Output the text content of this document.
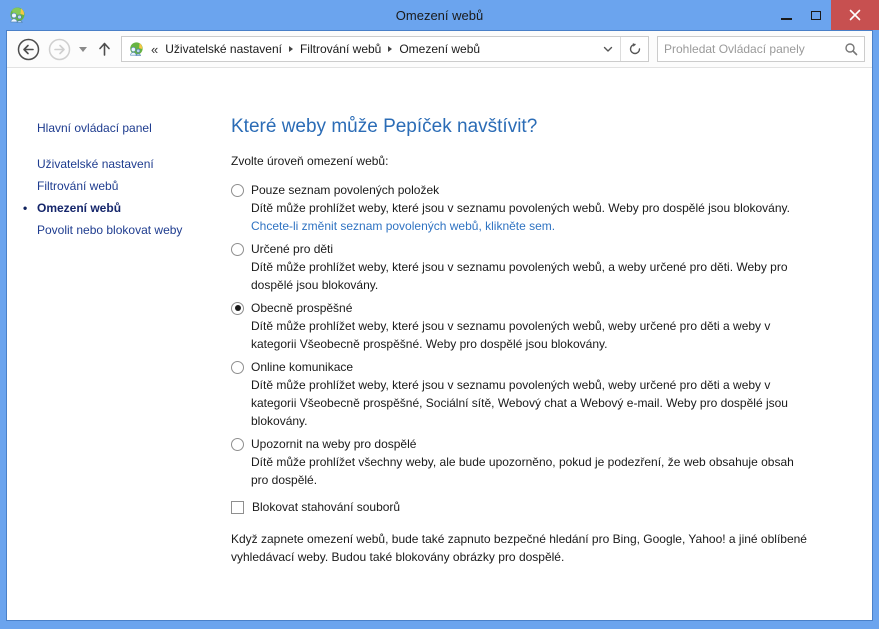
Omezení webů
« Uživatelské nastavení Filtrování webů Omezení webů
Prohledat Ovládací panely
Hlavní ovládací panel
Uživatelské nastavení
Filtrování webů
• Omezení webů
Povolit nebo blokovat weby
Které weby může Pepíček navštívit?
Zvolte úroveň omezení webů:
Pouze seznam povolených položek
Dítě může prohlížet weby, které jsou v seznamu povolených webů. Weby pro dospělé jsou blokovány.
Chcete-li změnit seznam povolených webů, klikněte sem.
Určené pro děti
Dítě může prohlížet weby, které jsou v seznamu povolených webů, a weby určené pro děti. Weby pro dospělé jsou blokovány.
Obecně prospěšné
Dítě může prohlížet weby, které jsou v seznamu povolených webů, weby určené pro děti a weby v kategorii Všeobecně prospěšné. Weby pro dospělé jsou blokovány.
Online komunikace
Dítě může prohlížet weby, které jsou v seznamu povolených webů, weby určené pro děti a weby v kategorii Všeobecně prospěšné, Sociální sítě, Webový chat a Webový e-mail. Weby pro dospělé jsou blokovány.
Upozornit na weby pro dospělé
Dítě může prohlížet všechny weby, ale bude upozorněno, pokud je podezření, že web obsahuje obsah pro dospělé.
Blokovat stahování souborů
Když zapnete omezení webů, bude také zapnuto bezpečné hledání pro Bing, Google, Yahoo! a jiné oblíbené vyhledávací weby. Budou také blokovány obrázky pro dospělé.
